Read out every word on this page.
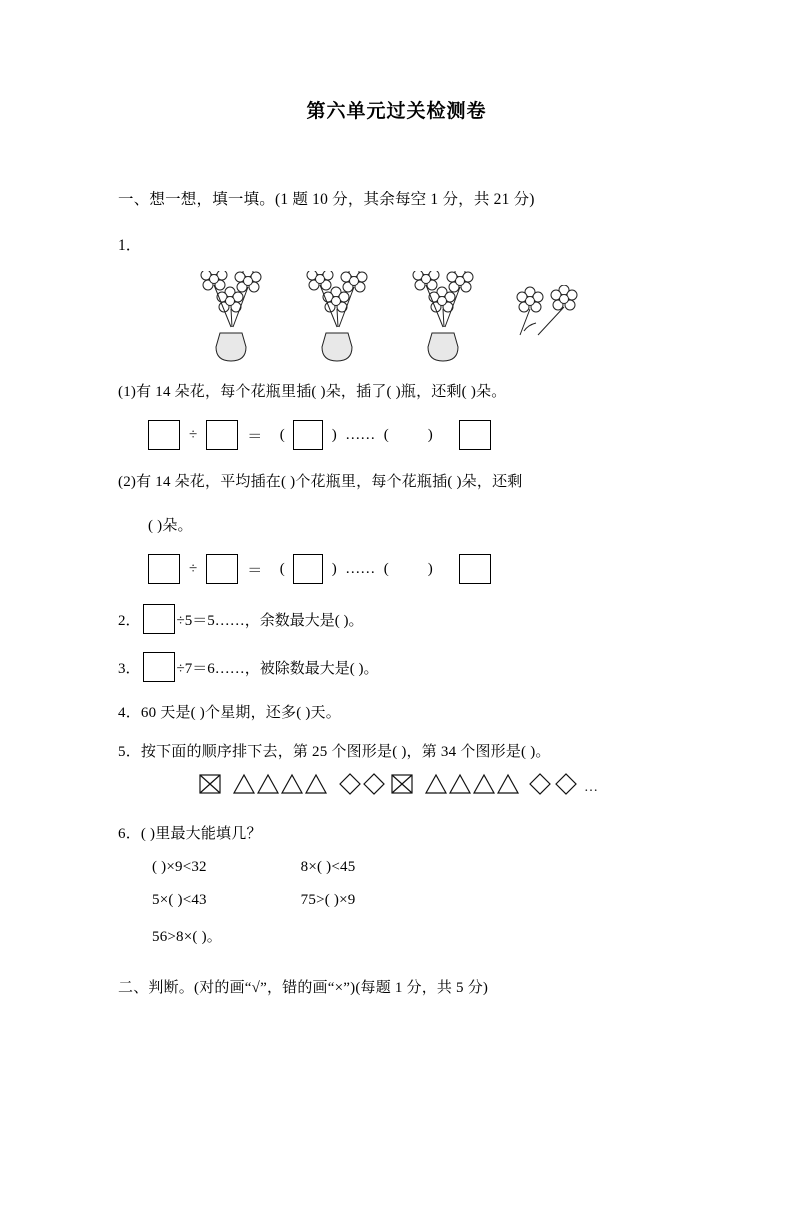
第六单元过关检测卷
一、想一想，填一填。(1 题 10 分，其余每空 1 分，共 21 分)
1．
(1)有 14 朵花，每个花瓶里插( )朵，插了( )瓶，还剩( )朵。
÷	＝	(	) …… (	)
(2)有 14 朵花，平均插在( )个花瓶里，每个花瓶插( )朵，还剩
( )朵。
÷	＝	(	) …… (	)
2． ÷5＝5……，余数最大是( )。
3． ÷7＝6……，被除数最大是( )。
4．60 天是( )个星期，还多( )天。
5．按下面的顺序排下去，第 25 个图形是( )，第 34 个图形是( )。
…
6．( )里最大能填几？
( )×9<32	8×( )<45
5×( )<43	75>( )×9
56>8×( )。
二、判断。(对的画“√”，错的画“×”)(每题 1 分，共 5 分)
